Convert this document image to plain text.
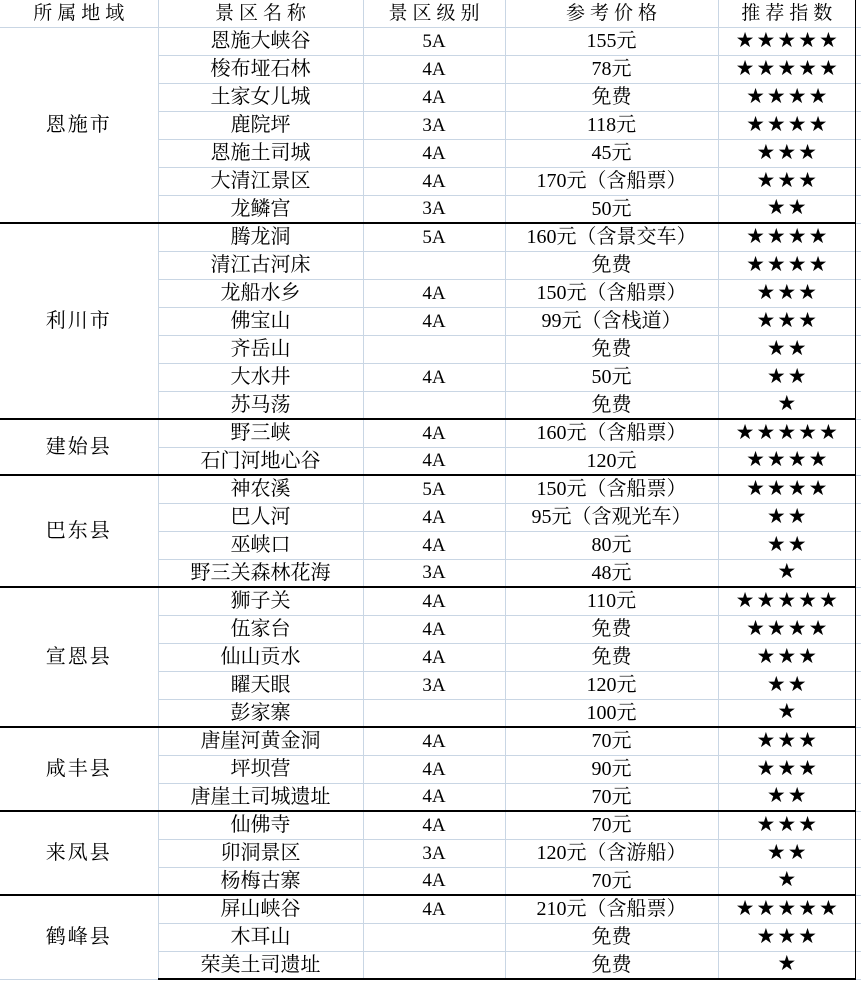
所属地域	景区名称	景区级别	参考价格	推荐指数
恩施市	恩施大峡谷	5A	155元	★★★★★
	梭布垭石林	4A	78元	★★★★★
	土家女儿城	4A	免费	★★★★
	鹿院坪	3A	118元	★★★★
	恩施土司城	4A	45元	★★★
	大清江景区	4A	170元（含船票）	★★★
	龙鳞宫	3A	50元	★★
利川市	腾龙洞	5A	160元（含景交车）	★★★★
	清江古河床		免费	★★★★
	龙船水乡	4A	150元（含船票）	★★★
	佛宝山	4A	99元（含栈道）	★★★
	齐岳山		免费	★★
	大水井	4A	50元	★★
	苏马荡		免费	★
建始县	野三峡	4A	160元（含船票）	★★★★★
	石门河地心谷	4A	120元	★★★★
巴东县	神农溪	5A	150元（含船票）	★★★★
	巴人河	4A	95元（含观光车）	★★
	巫峡口	4A	80元	★★
	野三关森林花海	3A	48元	★
宣恩县	狮子关	4A	110元	★★★★★
	伍家台	4A	免费	★★★★
	仙山贡水	4A	免费	★★★
	矅天眼	3A	120元	★★
	彭家寨		100元	★
咸丰县	唐崖河黄金洞	4A	70元	★★★
	坪坝营	4A	90元	★★★
	唐崖土司城遗址	4A	70元	★★
来凤县	仙佛寺	4A	70元	★★★
	卯洞景区	3A	120元（含游船）	★★
	杨梅古寨	4A	70元	★
鹤峰县	屏山峡谷	4A	210元（含船票）	★★★★★
	木耳山		免费	★★★
	荣美土司遗址		免费	★
